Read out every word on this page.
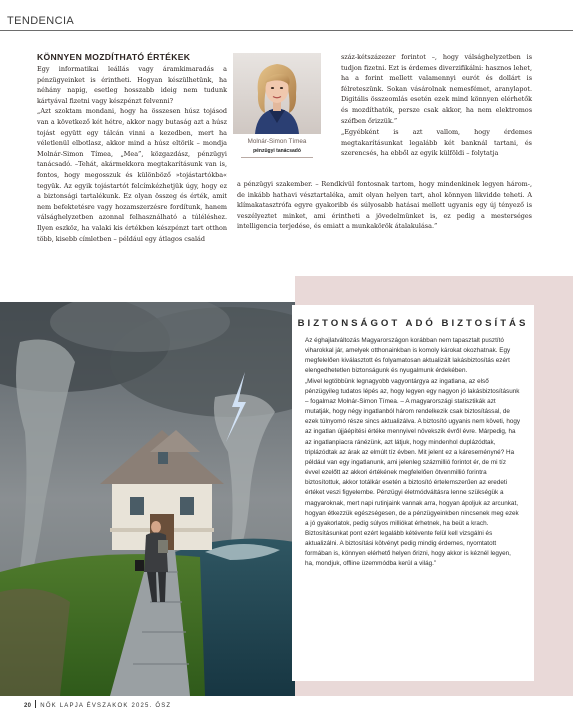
TENDENCIA
KÖNNYEN MOZDÍTHATÓ ÉRTÉKEK

Egy informatikai leállás vagy áramkimaradás a pénzügyeinket is érintheti. Hogyan készülhetünk, ha néhány napig, esetleg hosszabb ideig nem tudunk kártyával fizetni vagy készpénzt felvenni?

„Azt szoktam mondani, hogy ha összesen húsz tojásod van a következő két hétre, akkor nagy butaság azt a húsz tojást együtt egy tálcán vinni a kezedben, mert ha véletlenül elbotlasz, akkor mind a húsz eltörik – mondja Molnár-Simon Tímea, „Mea”, közgazdász, pénzügyi tanácsadó. –Tehát, akármekkora megtakarításunk van is, fontos, hogy megosszuk és különböző »tojástartókba« tegyük. Az egyik tojástartót felcímkézhetjük úgy, hogy ez a biztonsági tartalékunk. Ez olyan összeg és érték, amit nem befektetésre vagy hozamszerzésre fordítunk, hanem válsághelyzetben azonnal felhasználható a túléléshez. Ilyen eszköz, ha valaki kis értékben készpénzt tart otthon több, kisebb címletben – például egy átlagos család

Molnár-Simon Tímea
pénzügyi tanácsadó

száz-kétszázezer forintot –, hogy válsághelyzetben is tudjon fizetni. Ezt is érdemes diverzifikálni: hasznos lehet, ha a forint mellett valamennyi eurót és dollárt is félreteszünk. Sokan vásárolnak nemesfémet, aranylapot. Digitális összeomlás esetén ezek mind könnyen elérhetők és mozdíthatók, persze csak akkor, ha nem elektromos széfben őrizzük.”

„Egyébként is azt vallom, hogy érdemes megtakarításunkat legalább két banknál tartani, és szerencsés, ha ebből az egyik külföldi – folytatja

a pénzügyi szakember. – Rendkívül fontosnak tartom, hogy mindenkinek legyen három-, de inkább hathavi vésztartaléka, amit olyan helyen tart, ahol könnyen likvidde teheti. A klímakatasztrófa egyre gyakoribb és súlyosabb hatásai mellett ugyanis egy új tényező is veszélyeztet minket, ami érintheti a jövedelmünket is, ez pedig a mesterséges intelligencia terjedése, és emiatt a munkakörök átalakulása.”

BIZTONSÁGOT ADÓ BIZTOSÍTÁS

Az éghajlatváltozás Magyarországon korábban nem tapasztalt pusztító viharokkal jár, amelyek otthonainkban is komoly károkat okozhatnak. Egy megfelelően kiválasztott és folyamatosan aktualizált lakásbiztosítás ezért elengedhetetlen biztonságunk és nyugalmunk érdekében.

„Mivel legtöbbünk legnagyobb vagyontárgya az ingatlana, az első pénzügyileg tudatos lépés az, hogy legyen egy nagyon jó lakásbiztosításunk – fogalmaz Molnár-Simon Tímea. – A magyarországi statisztikák azt mutatják, hogy négy ingatlanból három rendelkezik csak biztosítással, de ezek túlnyomó része sincs aktualizálva. A biztosító ugyanis nem követi, hogy az ingatlan újjáépítési értéke mennyivel növekszik évről évre. Márpedig, ha az ingatlanpiacra ránézünk, azt látjuk, hogy mindenhol duplázódtak, triplázódtak az árak az elmúlt tíz évben. Mit jelent ez a káreseményné? Ha például van egy ingatlanunk, ami jelenleg százmillió forintot ér, de mi tíz évvel ezelőtt az akkori értékének megfelelően ötvenmillió forintra biztosítottuk, akkor totálkár esetén a biztosító értelemszerűen az eredeti értéket veszi figyelembe. Pénzügyi életmódváltásra lenne szükségük a magyaroknak, mert napi rutinjaink vannak arra, hogyan ápoljuk az arcunkat, hogyan étkezzük egészségesen, de a pénzügyeinkben nincsenek meg ezek a jó gyakorlatok, pedig súlyos milliókat érhetnek, ha beüt a krach. Biztosításunkat pont ezért legalább kétévente felül kell vizsgálni és aktualizálni. A biztosítási kötvényt pedig mindig érdemes, nyomtatott formában is, könnyen elérhető helyen őrizni, hogy akkor is kéznél legyen, ha, mondjuk, offline üzemmódba kerül a világ.”

20 NŐK LAPJA ÉVSZAKOK 2025. ŐSZ
